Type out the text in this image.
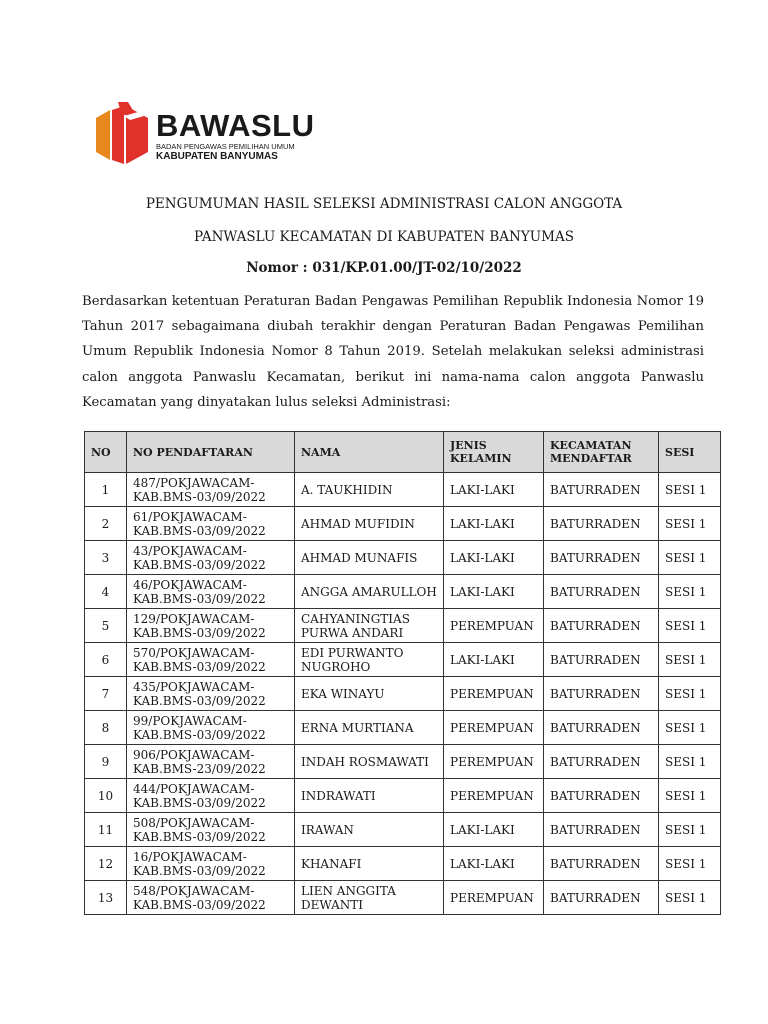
BAWASLU
BADAN PENGAWAS PEMILIHAN UMUM
KABUPATEN BANYUMAS
PENGUMUMAN HASIL SELEKSI ADMINISTRASI CALON ANGGOTA
PANWASLU KECAMATAN DI KABUPATEN BANYUMAS
Nomor : 031/KP.01.00/JT-02/10/2022
Berdasarkan ketentuan Peraturan Badan Pengawas Pemilihan Republik Indonesia Nomor 19 Tahun 2017 sebagaimana diubah terakhir dengan Peraturan Badan Pengawas Pemilihan Umum Republik Indonesia Nomor 8 Tahun 2019. Setelah melakukan seleksi administrasi calon anggota Panwaslu Kecamatan, berikut ini nama-nama calon anggota Panwaslu Kecamatan yang dinyatakan lulus seleksi Administrasi:
NO	NO PENDAFTARAN	NAMA	JENIS KELAMIN	KECAMATAN MENDAFTAR	SESI
1	487/POKJAWACAM-KAB.BMS-03/09/2022	A. TAUKHIDIN	LAKI-LAKI	BATURRADEN	SESI 1
2	61/POKJAWACAM-KAB.BMS-03/09/2022	AHMAD MUFIDIN	LAKI-LAKI	BATURRADEN	SESI 1
3	43/POKJAWACAM-KAB.BMS-03/09/2022	AHMAD MUNAFIS	LAKI-LAKI	BATURRADEN	SESI 1
4	46/POKJAWACAM-KAB.BMS-03/09/2022	ANGGA AMARULLOH	LAKI-LAKI	BATURRADEN	SESI 1
5	129/POKJAWACAM-KAB.BMS-03/09/2022	CAHYANINGTIAS PURWA ANDARI	PEREMPUAN	BATURRADEN	SESI 1
6	570/POKJAWACAM-KAB.BMS-03/09/2022	EDI PURWANTO NUGROHO	LAKI-LAKI	BATURRADEN	SESI 1
7	435/POKJAWACAM-KAB.BMS-03/09/2022	EKA WINAYU	PEREMPUAN	BATURRADEN	SESI 1
8	99/POKJAWACAM-KAB.BMS-03/09/2022	ERNA MURTIANA	PEREMPUAN	BATURRADEN	SESI 1
9	906/POKJAWACAM-KAB.BMS-23/09/2022	INDAH ROSMAWATI	PEREMPUAN	BATURRADEN	SESI 1
10	444/POKJAWACAM-KAB.BMS-03/09/2022	INDRAWATI	PEREMPUAN	BATURRADEN	SESI 1
11	508/POKJAWACAM-KAB.BMS-03/09/2022	IRAWAN	LAKI-LAKI	BATURRADEN	SESI 1
12	16/POKJAWACAM-KAB.BMS-03/09/2022	KHANAFI	LAKI-LAKI	BATURRADEN	SESI 1
13	548/POKJAWACAM-KAB.BMS-03/09/2022	LIEN ANGGITA DEWANTI	PEREMPUAN	BATURRADEN	SESI 1
